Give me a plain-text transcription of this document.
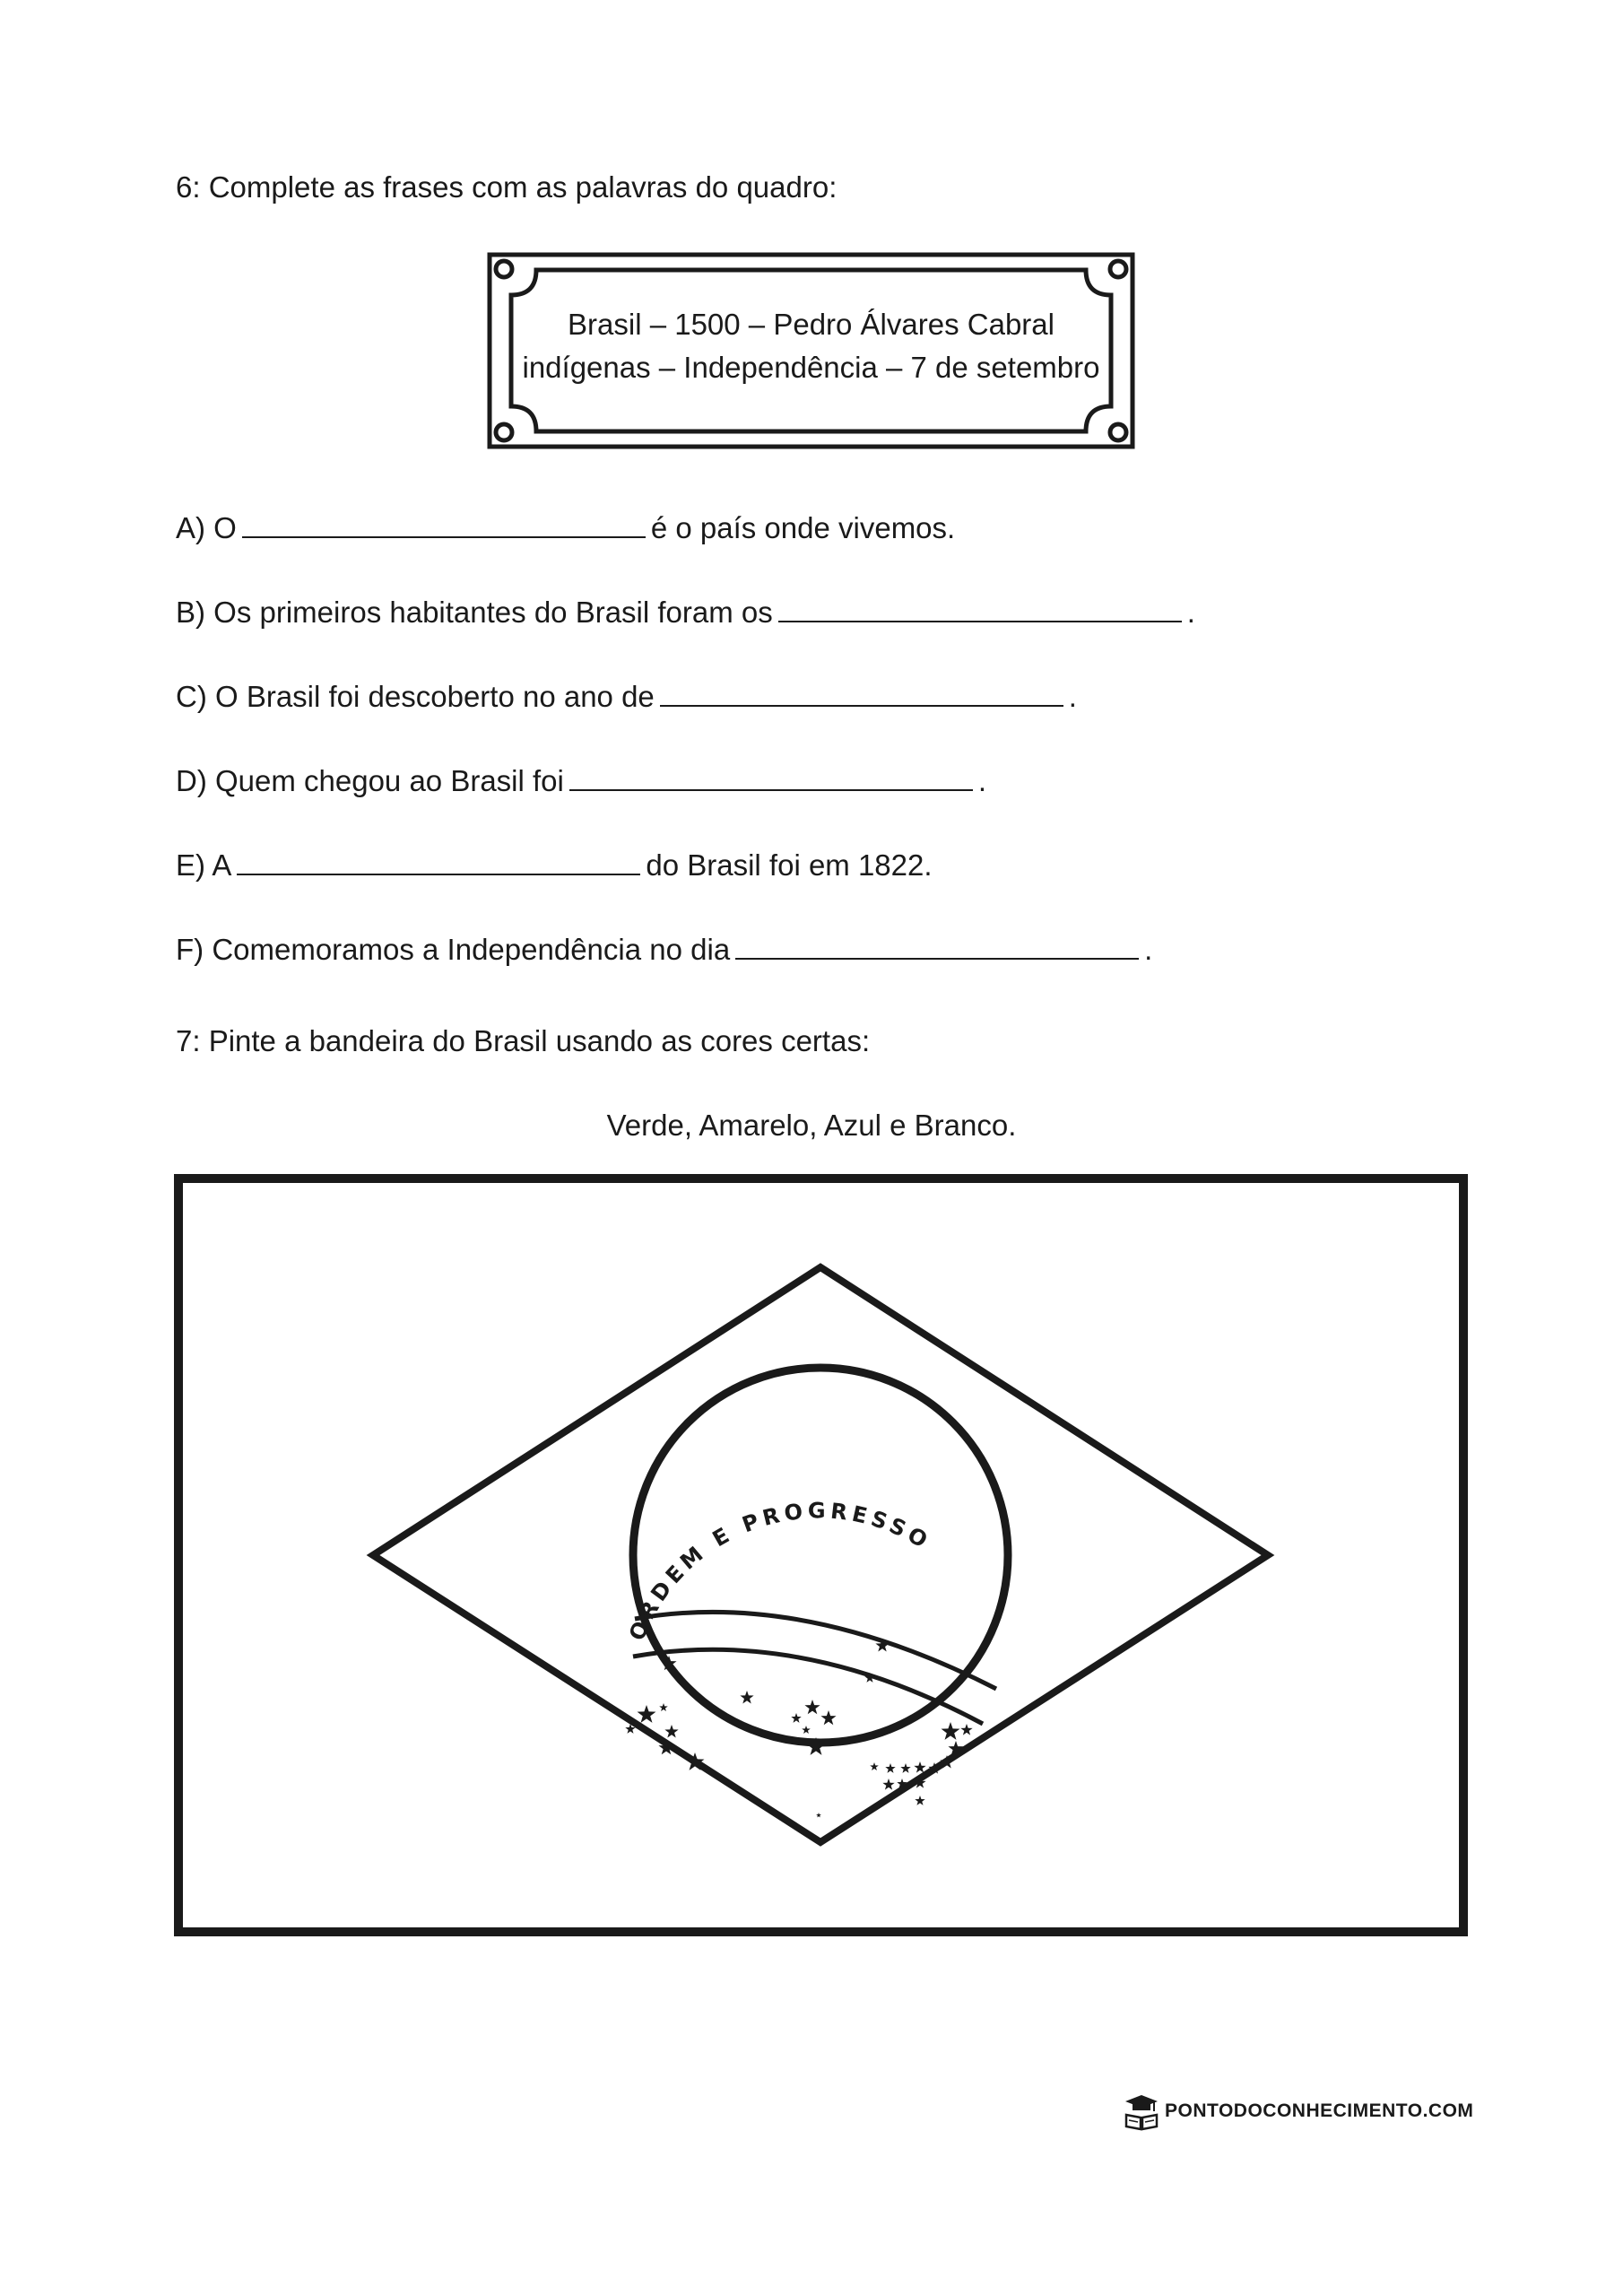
6: Complete as frases com as palavras do quadro:
Brasil – 1500 – Pedro Álvares Cabral
indígenas – Independência – 7 de setembro
A) O	é o país onde vivemos.
B) Os primeiros habitantes do Brasil foram os	.
C) O Brasil foi descoberto no ano de	.
D) Quem chegou ao Brasil foi	.
E) A	do Brasil foi em 1822.
F) Comemoramos a Independência no dia	.
7: Pinte a bandeira do Brasil usando as cores certas:
Verde, Amarelo, Azul e Branco.
ORDEM E PROGRESSO
PONTODOCONHECIMENTO.COM
